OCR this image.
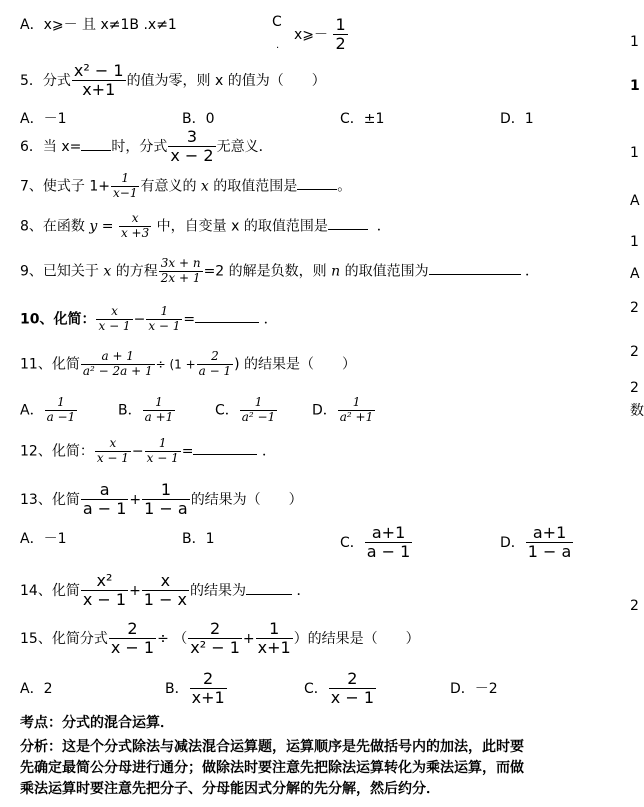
A．x⩾－ 且 x≠1B .x≠1	C
.
x⩾－ $\frac{1}{2}$
5．分式 $\frac{\text{x² − 1}}{x+1}$ 的值为零，则 x 的值为（　　）
A．－1	B．0	C．±1	D．1
6．当 x= 时，分式 $\frac{3}{x - 2}$ 无意义．
7、使式子 $1+ \frac{1}{x-1}$ 有意义的 x 的取值范围是	。
8、在函数 $y = \frac{x}{x +3}$ 中，自变量 x 的取值范围是	．
9、已知关于 x 的方程 $\frac{3x + n}{2x + 1} =2$ 的解是负数，则 n 的取值范围为	．
10、化简： $\frac{x}{x - 1} - \frac{1}{x - 1}$ =	．
11、化简 $\frac{a + 1}{\text{a² − 2a + 1}} \div (1 + \frac{2}{a - 1}$ ) 的结果是（　　）
A． $\frac{1}{a -1}$	B． $\frac{1}{a +1}$	C． $\frac{1}{\text{a² −1}}$ D． $\frac{1}{\text{a² +1}}$
12、化简： $\frac{x}{x - 1} - \frac{1}{x - 1}$ =	．
13、化简 $\frac{a}{a - 1} + \frac{1}{1 - a}$ 的结果为（　　）
A．－1	B．1	C． $\frac{a+1}{a - 1}$	D． $\frac{a+1}{1 - a}$
14、化简 $\frac{\text{x²}}{x - 1} + \frac{x}{1 - x}$ 的结果为	．
15、化简分式 $\frac{2}{x - 1}$ ÷ （ $\frac{2}{\text{x² − 1}} + \frac{1}{x+1}$ ）的结果是（　　）
A．2	B． $\frac{2}{x+1}$	C． $\frac{2}{x - 1}$	D．－2
考点：分式的混合运算．
分析：这是个分式除法与减法混合运算题，运算顺序是先做括号内的加法，此时要
先确定最简公分母进行通分；做除法时要注意先把除法运算转化为乘法运算，而做
乘法运算时要注意先把分子、分母能因式分解的先分解，然后约分．
1
1
1
A
1
A
2
2
2
数
2
